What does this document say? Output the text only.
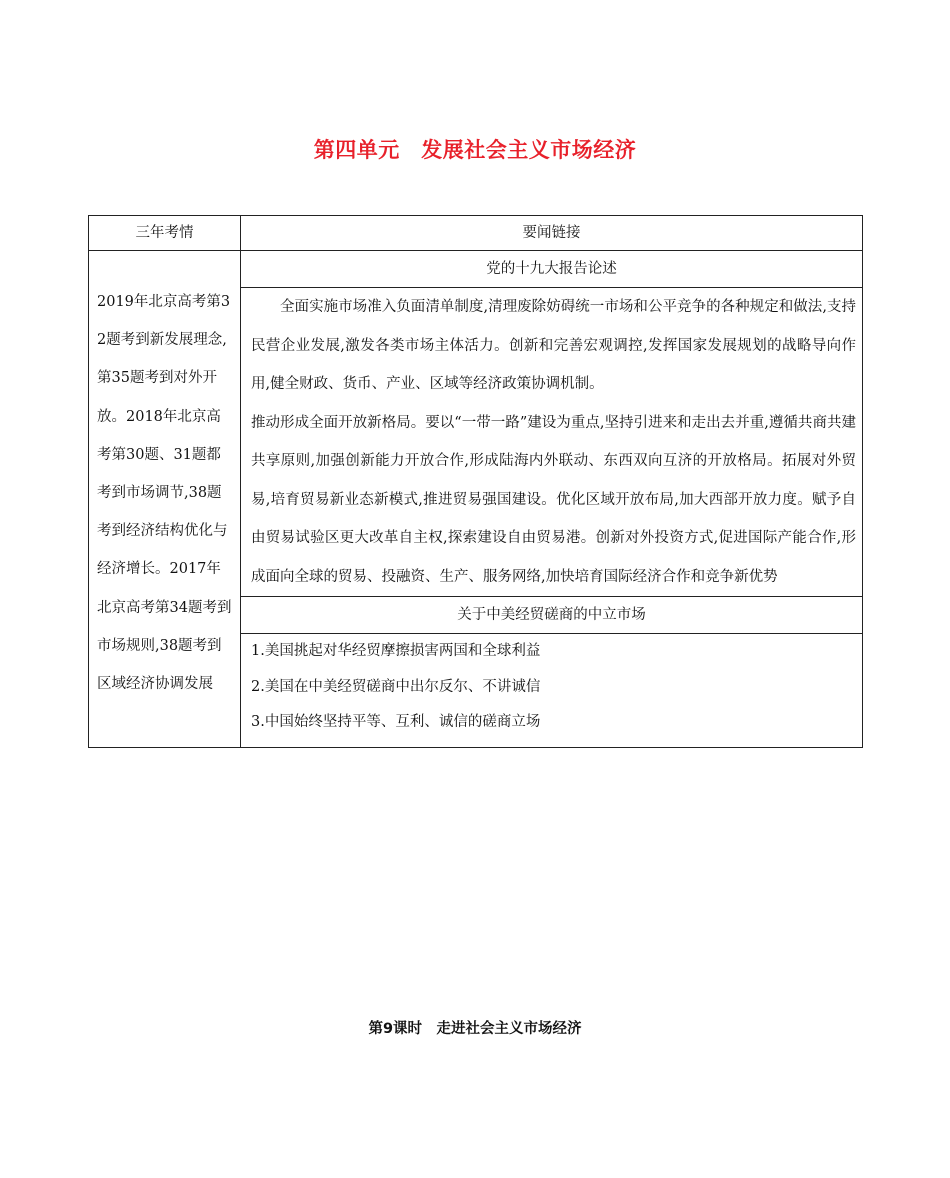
第四单元　发展社会主义市场经济
三年考情	要闻链接
2019年北京高考第32题考到新发展理念,第35题考到对外开放。2018年北京高考第30题、31题都考到市场调节,38题考到经济结构优化与经济增长。2017年北京高考第34题考到市场规则,38题考到区域经济协调发展	党的十九大报告论述

	全面实施市场准入负面清单制度,清理废除妨碍统一市场和公平竞争的各种规定和做法,支持民营企业发展,激发各类市场主体活力。创新和完善宏观调控,发挥国家发展规划的战略导向作用,健全财政、货币、产业、区域等经济政策协调机制。

推动形成全面开放新格局。要以“一带一路”建设为重点,坚持引进来和走出去并重,遵循共商共建共享原则,加强创新能力开放合作,形成陆海内外联动、东西双向互济的开放格局。拓展对外贸易,培育贸易新业态新模式,推进贸易强国建设。优化区域开放布局,加大西部开放力度。赋予自由贸易试验区更大改革自主权,探索建设自由贸易港。创新对外投资方式,促进国际产能合作,形成面向全球的贸易、投融资、生产、服务网络,加快培育国际经济合作和竞争新优势

	关于中美经贸磋商的中立市场

	1.美国挑起对华经贸摩擦损害两国和全球利益
2.美国在中美经贸磋商中出尔反尔、不讲诚信
3.中国始终坚持平等、互利、诚信的磋商立场
第9课时　走进社会主义市场经济
